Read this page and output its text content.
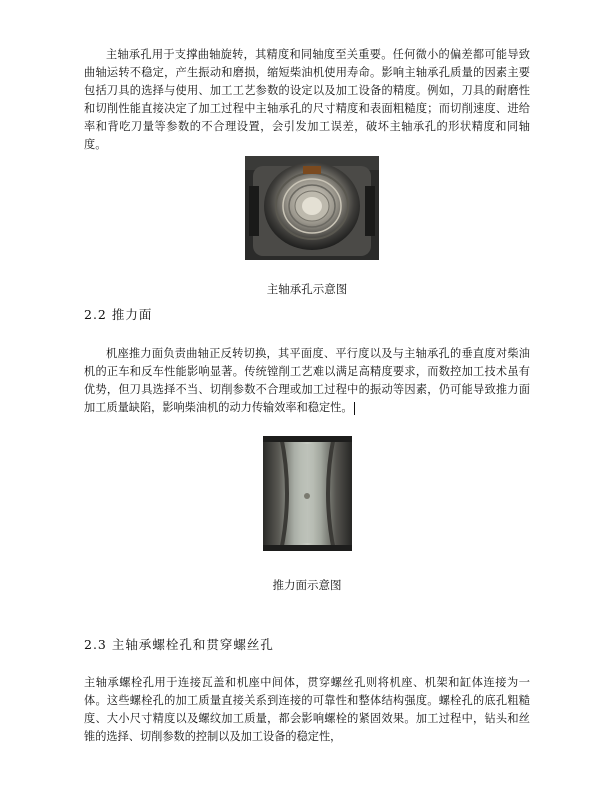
主轴承孔用于支撑曲轴旋转，其精度和同轴度至关重要。任何微小的偏差都可能导致曲轴运转不稳定，产生振动和磨损，缩短柴油机使用寿命。影响主轴承孔质量的因素主要包括刀具的选择与使用、加工工艺参数的设定以及加工设备的精度。例如，刀具的耐磨性和切削性能直接决定了加工过程中主轴承孔的尺寸精度和表面粗糙度；而切削速度、进给率和背吃刀量等参数的不合理设置，会引发加工误差，破坏主轴承孔的形状精度和同轴度。

主轴承孔示意图

2.2 推力面

机座推力面负责曲轴正反转切换，其平面度、平行度以及与主轴承孔的垂直度对柴油机的正车和反车性能影响显著。传统镗削工艺难以满足高精度要求，而数控加工技术虽有优势，但刀具选择不当、切削参数不合理或加工过程中的振动等因素，仍可能导致推力面加工质量缺陷，影响柴油机的动力传输效率和稳定性。

推力面示意图

2.3 主轴承螺栓孔和贯穿螺丝孔

主轴承螺栓孔用于连接瓦盖和机座中间体，贯穿螺丝孔则将机座、机架和缸体连接为一体。这些螺栓孔的加工质量直接关系到连接的可靠性和整体结构强度。螺栓孔的底孔粗糙度、大小尺寸精度以及螺纹加工质量，都会影响螺栓的紧固效果。加工过程中，钻头和丝锥的选择、切削参数的控制以及加工设备的稳定性，
